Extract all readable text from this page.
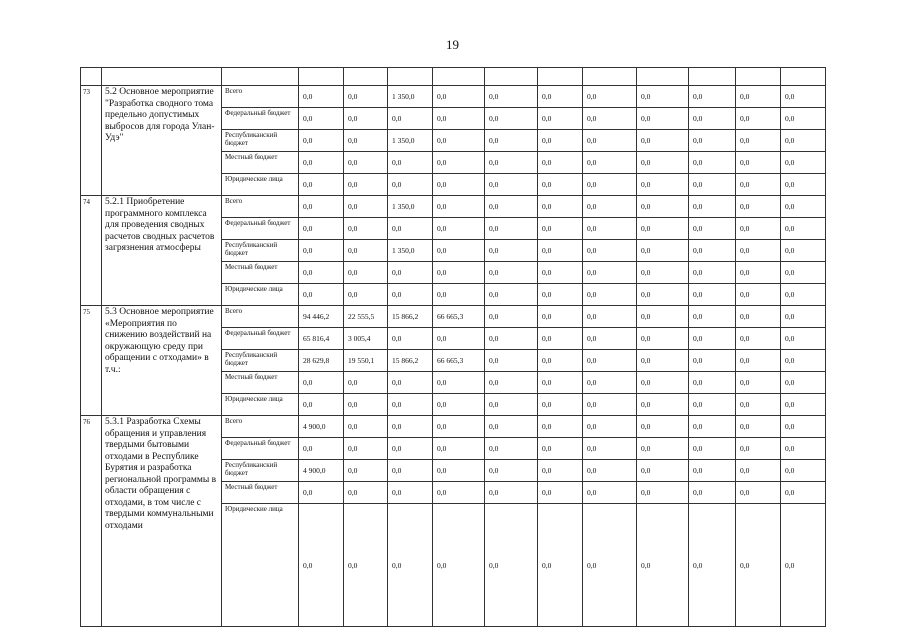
19

73	5.2 Основное мероприятие "Разработка сводного тома предельно допустимых выбросов для города Улан-Удэ"	Всего	0,0	0,0	1 350,0	0,0	0,0	0,0	0,0	0,0	0,0	0,0	0,0
		Федеральный бюджет	0,0	0,0	0,0	0,0	0,0	0,0	0,0	0,0	0,0	0,0	0,0
		Республиканский бюджет	0,0	0,0	1 350,0	0,0	0,0	0,0	0,0	0,0	0,0	0,0	0,0
		Местный бюджет	0,0	0,0	0,0	0,0	0,0	0,0	0,0	0,0	0,0	0,0	0,0
		Юридические лица	0,0	0,0	0,0	0,0	0,0	0,0	0,0	0,0	0,0	0,0	0,0
74	5.2.1 Приобретение программного комплекса для проведения сводных расчетов сводных расчетов загрязнения атмосферы	Всего	0,0	0,0	1 350,0	0,0	0,0	0,0	0,0	0,0	0,0	0,0	0,0
		Федеральный бюджет	0,0	0,0	0,0	0,0	0,0	0,0	0,0	0,0	0,0	0,0	0,0
		Республиканский бюджет	0,0	0,0	1 350,0	0,0	0,0	0,0	0,0	0,0	0,0	0,0	0,0
		Местный бюджет	0,0	0,0	0,0	0,0	0,0	0,0	0,0	0,0	0,0	0,0	0,0
		Юридические лица	0,0	0,0	0,0	0,0	0,0	0,0	0,0	0,0	0,0	0,0	0,0
75	5.3 Основное мероприятие «Мероприятия по снижению воздействий на окружающую среду при обращении с отходами» в т.ч.:	Всего	94 446,2	22 555,5	15 866,2	66 665,3	0,0	0,0	0,0	0,0	0,0	0,0	0,0
		Федеральный бюджет	65 816,4	3 005,4	0,0	0,0	0,0	0,0	0,0	0,0	0,0	0,0	0,0
		Республиканский бюджет	28 629,8	19 550,1	15 866,2	66 665,3	0,0	0,0	0,0	0,0	0,0	0,0	0,0
		Местный бюджет	0,0	0,0	0,0	0,0	0,0	0,0	0,0	0,0	0,0	0,0	0,0
		Юридические лица	0,0	0,0	0,0	0,0	0,0	0,0	0,0	0,0	0,0	0,0	0,0
76	5.3.1 Разработка Схемы обращения и управления твердыми бытовыми отходами в Республике Бурятия и разработка региональной программы в области обращения с отходами, в том числе с твердыми коммунальными отходами	Всего	4 900,0	0,0	0,0	0,0	0,0	0,0	0,0	0,0	0,0	0,0	0,0
		Федеральный бюджет	0,0	0,0	0,0	0,0	0,0	0,0	0,0	0,0	0,0	0,0	0,0
		Республиканский бюджет	4 900,0	0,0	0,0	0,0	0,0	0,0	0,0	0,0	0,0	0,0	0,0
		Местный бюджет	0,0	0,0	0,0	0,0	0,0	0,0	0,0	0,0	0,0	0,0	0,0
		Юридические лица	0,0	0,0	0,0	0,0	0,0	0,0	0,0	0,0	0,0	0,0	0,0
